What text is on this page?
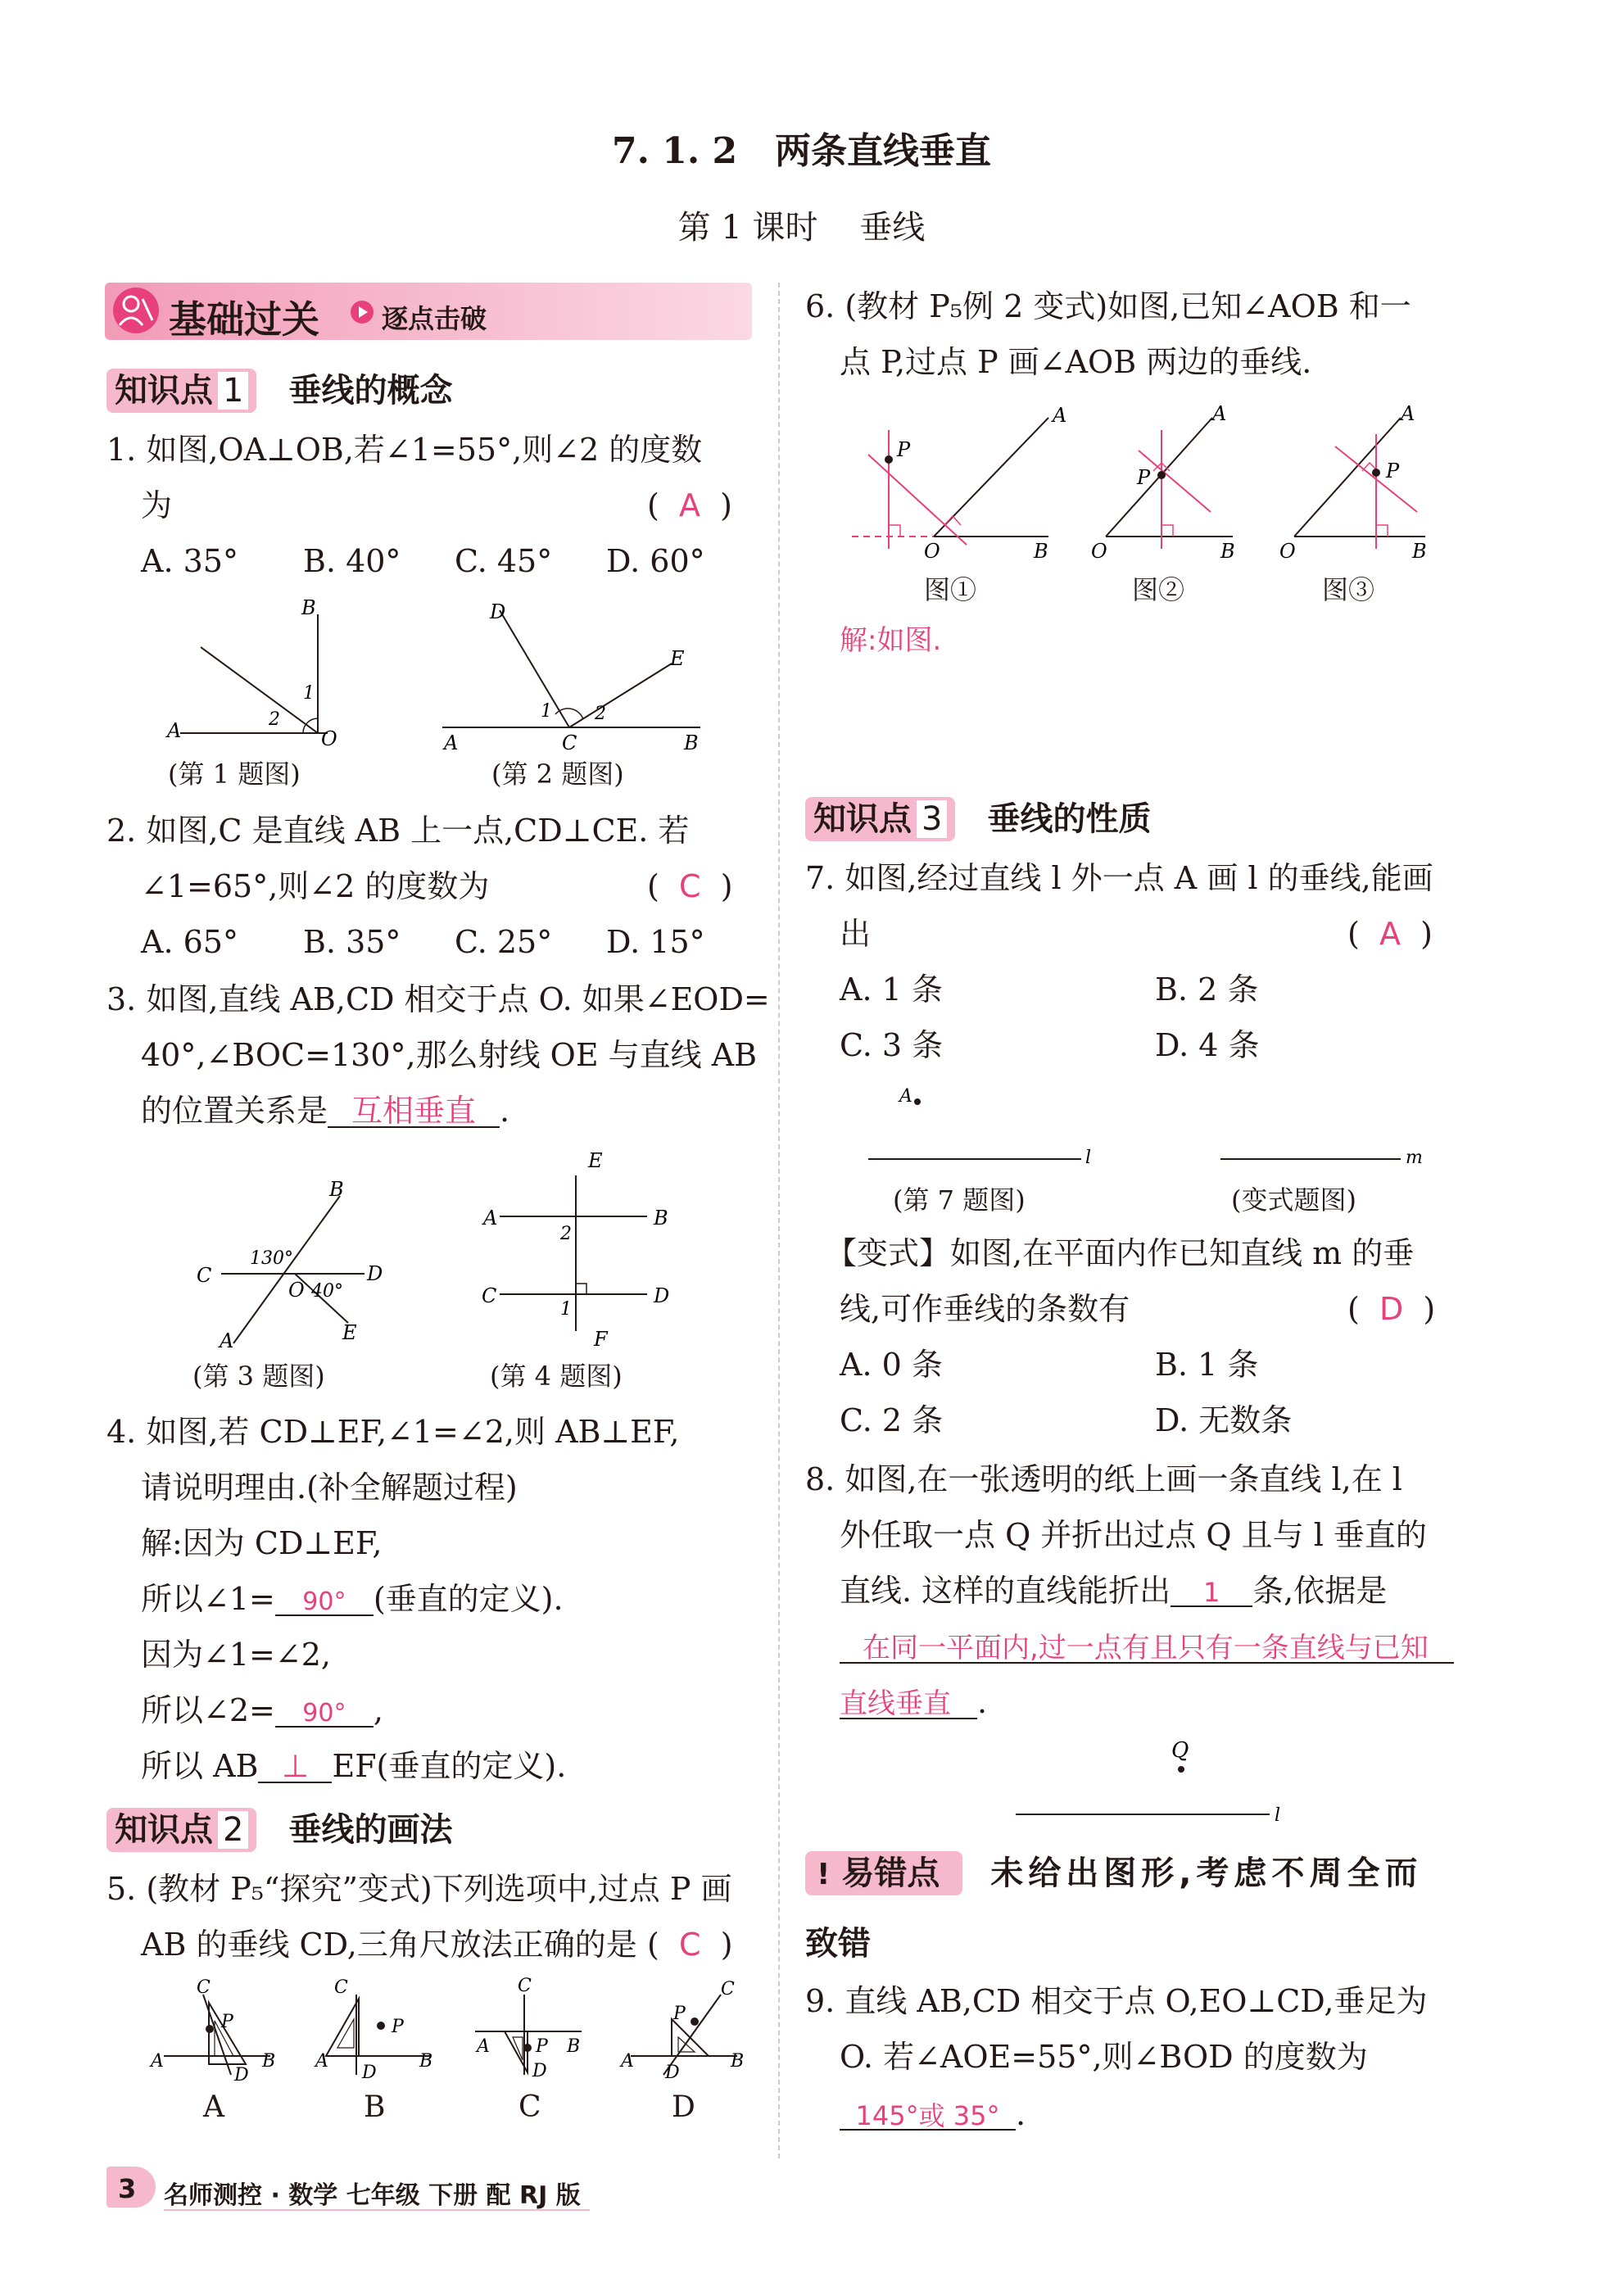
7. 1. 2 两条直线垂直
第 1 课时    垂线
基础过关 逐点击破
知识点 1 垂线的概念
1. 如图,OA⊥OB,若∠1=55°,则∠2 的度数
为	(  A  )
A. 35° B. 40° C. 45° D. 60°
A
B
O
1
2
A	B
C
D
E
1 2
(第 1 题图)	(第 2 题图)
2. 如图,C 是直线 AB 上一点,CD⊥CE. 若
∠1=65°,则∠2 的度数为	(  C  )
A. 65° B. 35° C. 25° D. 15°
3. 如图,直线 AB,CD 相交于点 O. 如果∠EOD=
40°,∠BOC=130°,那么射线 OE 与直线 AB
的位置关系是 互相垂直 .
C	D
B
A	E
O
130°
40°
A	B
C	D
E
F
2
1
(第 3 题图)	(第 4 题图)
4. 如图,若 CD⊥EF,∠1=∠2,则 AB⊥EF,
请说明理由.(补全解题过程)
解:因为 CD⊥EF,
所以∠1= 90° (垂直的定义).
因为∠1=∠2,
所以∠2= 90° ,
所以 AB ⊥ EF(垂直的定义).
知识点 2 垂线的画法
5. (教材 P₅“探究”变式)下列选项中,过点 P 画
AB 的垂线 CD,三角尺放法正确的是 (  C  )
P
C
A	B
D
P
C
A	B
D
P
C
A	B
D
P
C
A	B
D
A	B	C	D
6. (教材 P₅例 2 变式)如图,已知∠AOB 和一
点 P,过点 P 画∠AOB 两边的垂线.
P
A
O	B
P
A
O	B
P
A
O	B
图①	图②	图③
解:如图.
知识点 3 垂线的性质
7. 如图,经过直线 l 外一点 A 画 l 的垂线,能画
出	(  A  )
A. 1 条	B. 2 条
C. 3 条	D. 4 条
A
l	m
(第 7 题图)	(变式题图)
【变式】如图,在平面内作已知直线 m 的垂
线,可作垂线的条数有	(  D  )
A. 0 条	B. 1 条
C. 2 条	D. 无数条
8. 如图,在一张透明的纸上画一条直线 l,在 l
外任取一点 Q 并折出过点 Q 且与 l 垂直的
直线. 这样的直线能折出 1 条,依据是
在同一平面内,过一点有且只有一条直线与已知
直线垂直 .
Q
l
! 易错点 未给出图形,考虑不周全而
致错
9. 直线 AB,CD 相交于点 O,EO⊥CD,垂足为
O. 若∠AOE=55°,则∠BOD 的度数为
145°或 35° .
3 名师测控 · 数学 七年级 下册 配 RJ 版
